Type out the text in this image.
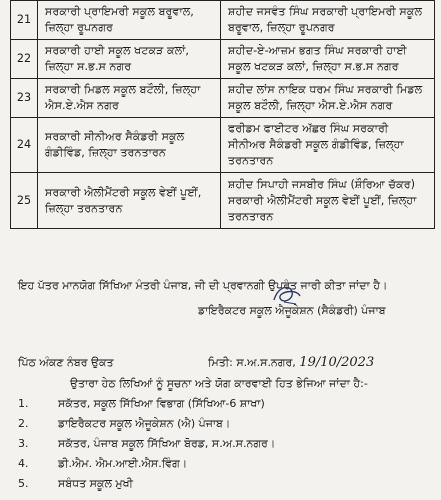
21	ਸਰਕਾਰੀ ਪ੍ਰਾਇਮਰੀ ਸਕੂਲ ਬਰੂਵਾਲ, ਜ਼ਿਲ੍ਹਾ ਰੂਪਨਗਰ	ਸ਼ਹੀਦ ਜਸਵੰਤ ਸਿੰਘ ਸਰਕਾਰੀ ਪ੍ਰਾਇਮਰੀ ਸਕੂਲ ਬਰੂਵਾਲ, ਜ਼ਿਲ੍ਹਾ ਰੂਪਨਗਰ
22	ਸਰਕਾਰੀ ਹਾਈ ਸਕੂਲ ਖਟਕੜ ਕਲਾਂ, ਜ਼ਿਲ੍ਹਾ ਸ.ਭ.ਸ ਨਗਰ	ਸ਼ਹੀਦ-ਏ-ਆਜ਼ਮ ਭਗਤ ਸਿੰਘ ਸਰਕਾਰੀ ਹਾਈ ਸਕੂਲ ਖਟਕੜ ਕਲਾਂ, ਜ਼ਿਲ੍ਹਾ ਸ.ਭ.ਸ ਨਗਰ
23	ਸਰਕਾਰੀ ਮਿਡਲ ਸਕੂਲ ਬਟੌਲੀ, ਜ਼ਿਲ੍ਹਾ ਐਸ.ਏ.ਐਸ ਨਗਰ	ਸ਼ਹੀਦ ਲਾਂਸ ਨਾਇਕ ਧਰਮ ਸਿੰਘ ਸਰਕਾਰੀ ਮਿਡਲ ਸਕੂਲ ਬਟੌਲੀ, ਜ਼ਿਲ੍ਹਾ ਐਸ.ਏ.ਐਸ ਨਗਰ
24	ਸਰਕਾਰੀ ਸੀਨੀਅਰ ਸੈਕੰਡਰੀ ਸਕੂਲ ਗੰਡੀਵਿੰਡ, ਜ਼ਿਲ੍ਹਾ ਤਰਨਤਾਰਨ	ਫਰੀਡਮ ਫਾਈਟਰ ਅੱਛਰ ਸਿੰਘ ਸਰਕਾਰੀ ਸੀਨੀਅਰ ਸੈਕੰਡਰੀ ਸਕੂਲ ਗੰਡੀਵਿੰਡ, ਜ਼ਿਲ੍ਹਾ ਤਰਨਤਾਰਨ
25	ਸਰਕਾਰੀ ਐਲੀਮੈਂਟਰੀ ਸਕੂਲ ਵੇਈਂ ਪੂਈਂ, ਜ਼ਿਲ੍ਹਾ ਤਰਨਤਾਰਨ	ਸ਼ਹੀਦ ਸਿਪਾਹੀ ਜਸਬੀਰ ਸਿੰਘ (ਸ਼ੌਰਿਆ ਚੱਕਰ) ਸਰਕਾਰੀ ਐਲੀਮੈਂਟਰੀ ਸਕੂਲ ਵੇਈਂ ਪੂਈਂ, ਜ਼ਿਲ੍ਹਾ ਤਰਨਤਾਰਨ
ਇਹ ਪੱਤਰ ਮਾਨਯੋਗ ਸਿੱਖਿਆ ਮੰਤਰੀ ਪੰਜਾਬ, ਜੀ ਦੀ ਪ੍ਰਵਾਨਗੀ ਉਪਰੰਤ ਜਾਰੀ ਕੀਤਾ ਜਾਂਦਾ ਹੈ।
ਡਾਇਰੈਕਟਰ ਸਕੂਲ ਐਜੂਕੇਸ਼ਨ (ਸੈਕੰਡਰੀ) ਪੰਜਾਬ
ਪਿੱਠ ਅੰਕਣ ਨੰਬਰ ਉਕਤ	ਮਿਤੀ: ਸ.ਅ.ਸ.ਨਗਰ, 19/10/2023
ਉਤਾਰਾ ਹੇਠ ਲਿਖਿਆਂ ਨੂੰ ਸੂਚਨਾ ਅਤੇ ਯੋਗ ਕਾਰਵਾਈ ਹਿਤ ਭੇਜਿਆ ਜਾਂਦਾ ਹੈ:-
1.	ਸਕੱਤਰ, ਸਕੂਲ ਸਿੱਖਿਆ ਵਿਭਾਗ (ਸਿੱਖਿਆ-6 ਸ਼ਾਖਾ)
2.	ਡਾਇਰੈਕਟਰ ਸਕੂਲ ਐਜੂਕੇਸ਼ਨ (ਐ) ਪੰਜਾਬ।
3.	ਸਕੱਤਰ, ਪੰਜਾਬ ਸਕੂਲ ਸਿੱਖਿਆ ਬੋਰਡ, ਸ.ਅ.ਸ.ਨਗਰ।
4.	ਡੀ.ਐਮ. ਐਮ.ਆਈ.ਐਸ.ਵਿੰਗ।
5.	ਸਬੰਧਤ ਸਕੂਲ ਮੁਖੀ
